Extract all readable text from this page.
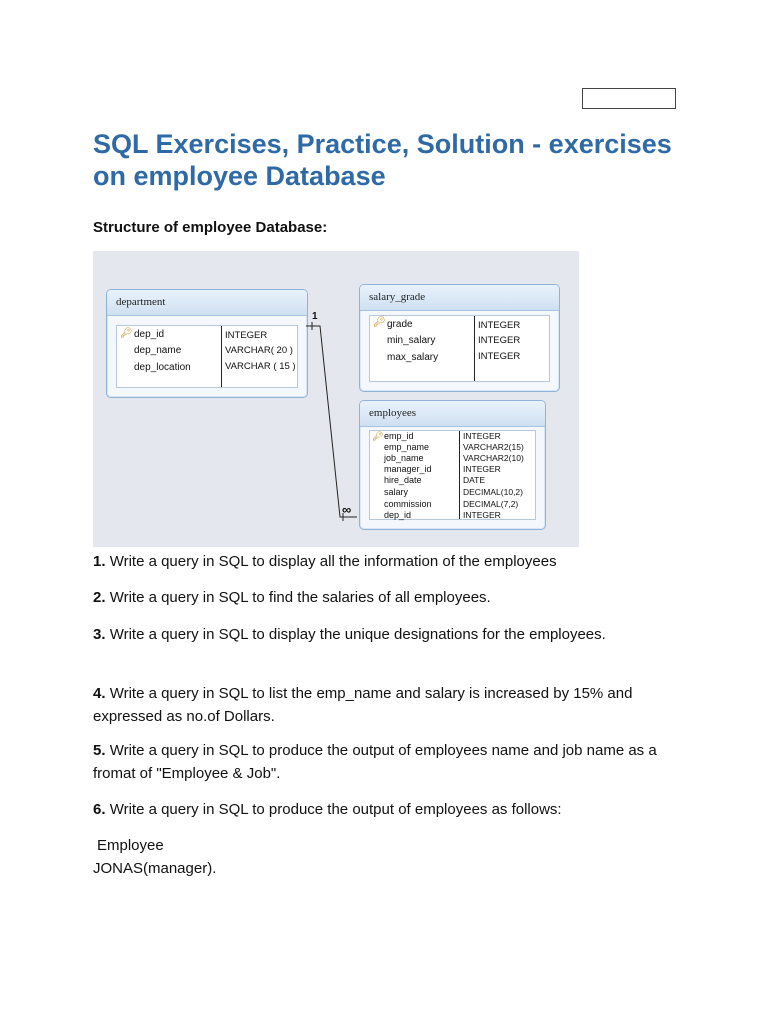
SQL Exercises, Practice, Solution - exercises on employee Database
Structure of employee Database:
department
🔑︎ dep_id
dep_name
dep_location
INTEGER
VARCHAR( 20 )
VARCHAR ( 15 )
salary_grade
🔑︎ grade
min_salary
max_salary
INTEGER
INTEGER
INTEGER
employees
🔑︎ emp_id
emp_name
job_name
manager_id
hire_date
salary
commission
dep_id
INTEGER
VARCHAR2(15)
VARCHAR2(10)
INTEGER
DATE
DECIMAL(10,2)
DECIMAL(7,2)
INTEGER
1
∞

1. Write a query in SQL to display all the information of the employees

2. Write a query in SQL to find the salaries of all employees.

3. Write a query in SQL to display the unique designations for the employees.

4. Write a query in SQL to list the emp_name and salary is increased by 15% and expressed as no.of Dollars.

5. Write a query in SQL to produce the output of employees name and job name as a fromat of "Employee & Job".

6. Write a query in SQL to produce the output of employees as follows:

Employee
JONAS(manager).
